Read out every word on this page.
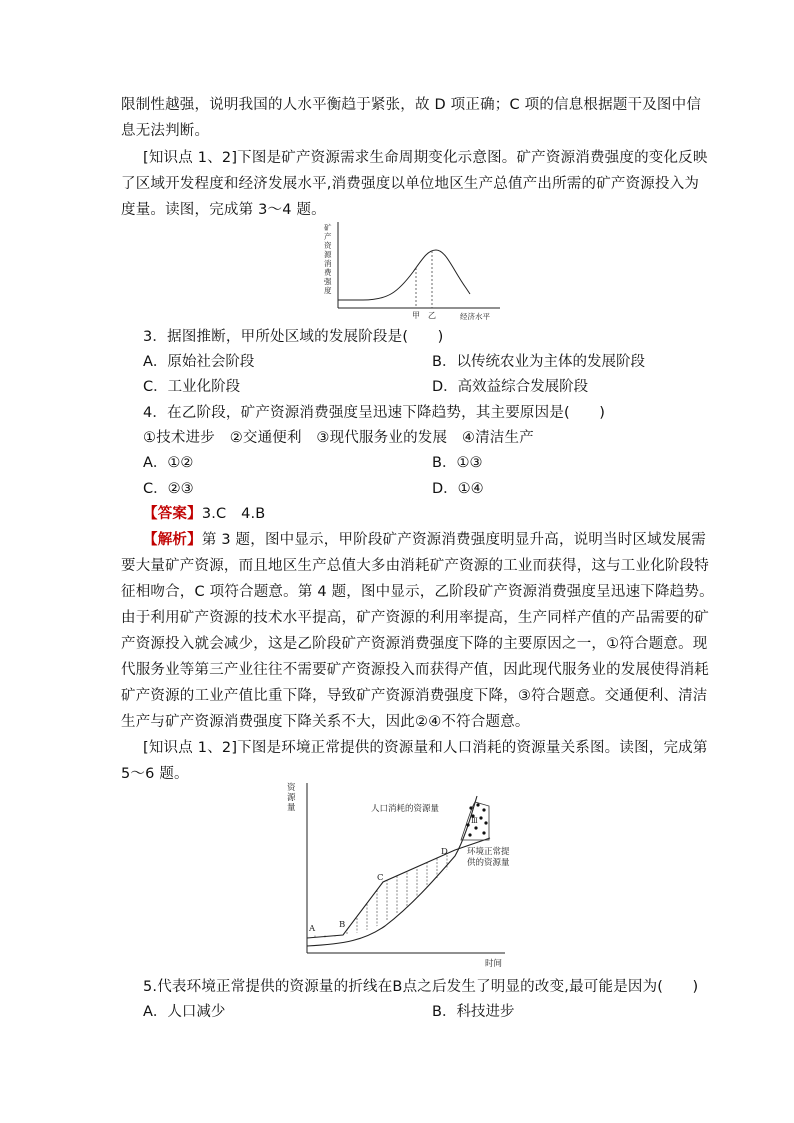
限制性越强，说明我国的人水平衡趋于紧张，故 D 项正确；C 项的信息根据题干及图中信
息无法判断。
[知识点 1、2]下图是矿产资源需求生命周期变化示意图。矿产资源消费强度的变化反映
了区域开发程度和经济发展水平,消费强度以单位地区生产总值产出所需的矿产资源投入为
度量。读图，完成第 3～4 题。
矿
产
资
源
消
费
强
度
甲 乙	经济水平
3．据图推断，甲所处区域的发展阶段是(　　)
A．原始社会阶段	B．以传统农业为主体的发展阶段
C．工业化阶段	D．高效益综合发展阶段
4．在乙阶段，矿产资源消费强度呈迅速下降趋势，其主要原因是(　　)
①技术进步　②交通便利　③现代服务业的发展　④清洁生产
A．①②	B．①③
C．②③	D．①④
【答案】3.C　4.B
【解析】第 3 题，图中显示，甲阶段矿产资源消费强度明显升高，说明当时区域发展需
要大量矿产资源，而且地区生产总值大多由消耗矿产资源的工业而获得，这与工业化阶段特
征相吻合，C 项符合题意。第 4 题，图中显示，乙阶段矿产资源消费强度呈迅速下降趋势。
由于利用矿产资源的技术水平提高，矿产资源的利用率提高，生产同样产值的产品需要的矿
产资源投入就会减少，这是乙阶段矿产资源消费强度下降的主要原因之一，①符合题意。现
代服务业等第三产业往往不需要矿产资源投入而获得产值，因此现代服务业的发展使得消耗
矿产资源的工业产值比重下降，导致矿产资源消费强度下降，③符合题意。交通便利、清洁
生产与矿产资源消费强度下降关系不大，因此②④不符合题意。
[知识点 1、2]下图是环境正常提供的资源量和人口消耗的资源量关系图。读图，完成第
5～6 题。
资
源
量
Ⅲ
人口消耗的资源量
环境正常提
供的资源量
A	B
C
D
时间
5.代表环境正常提供的资源量的折线在B点之后发生了明显的改变,最可能是因为(　　)
A．人口减少	B．科技进步
